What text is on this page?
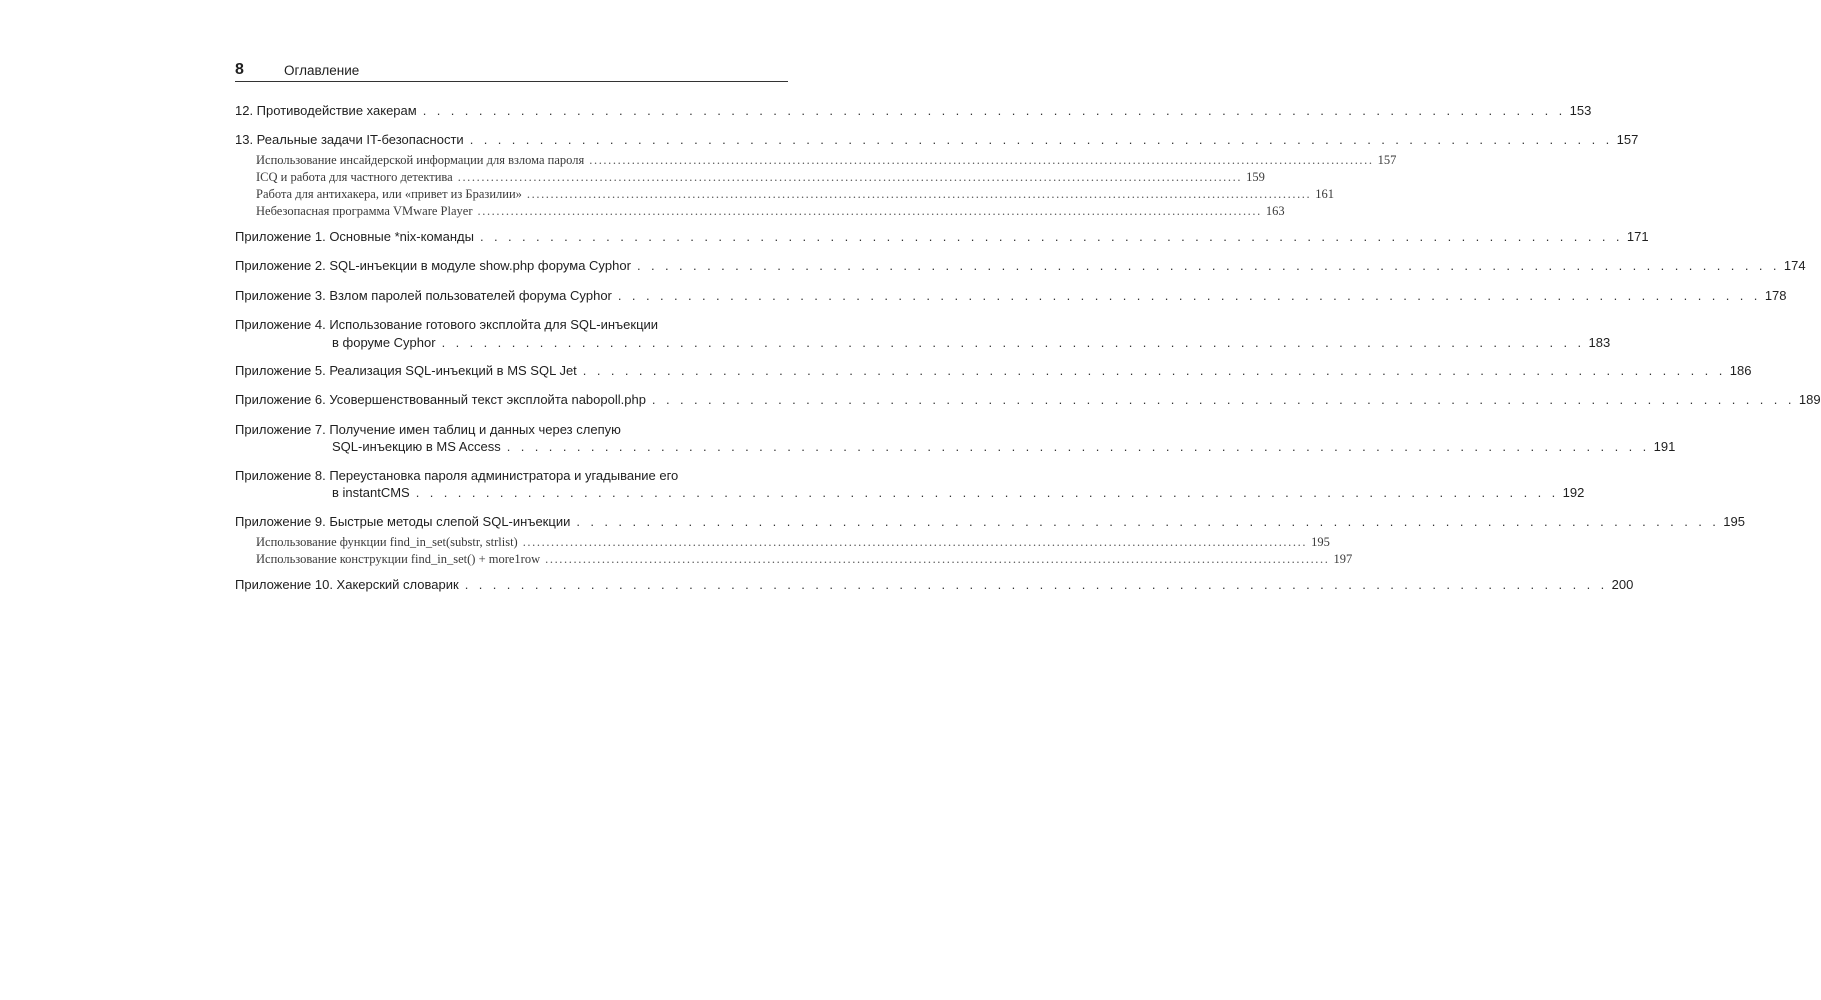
8	Оглавление
12. Противодействие хакерам . . . . . . . . . . . . . . . . . . . . . . . . . . . . . . . . . . . . . . . . . . . . . . . . . . . . . . . . . . . . . . . . . . . . . . . . . . . . . . . . . . 153
13. Реальные задачи IT-безопасности . . . . . . . . . . . . . . . . . . . . . . . . . . . . . . . . . . . . . . . . . . . . . . . . . . . . . . . . . . . . . . . . . . . . . . . . . . . . . . . . . . 157
Использование инсайдерской информации для взлома пароля ...................................................................................................................................................................... 157
ICQ и работа для частного детектива ...................................................................................................................................................................... 159
Работа для антихакера, или «привет из Бразилии» ...................................................................................................................................................................... 161
Небезопасная программа VMware Player ...................................................................................................................................................................... 163
Приложение 1. Основные *nix-команды . . . . . . . . . . . . . . . . . . . . . . . . . . . . . . . . . . . . . . . . . . . . . . . . . . . . . . . . . . . . . . . . . . . . . . . . . . . . . . . . . . 171
Приложение 2. SQL-инъекции в модуле show.php форума Cyphor . . . . . . . . . . . . . . . . . . . . . . . . . . . . . . . . . . . . . . . . . . . . . . . . . . . . . . . . . . . . . . . . . . . . . . . . . . . . . . . . . . 174
Приложение 3. Взлом паролей пользователей форума Cyphor . . . . . . . . . . . . . . . . . . . . . . . . . . . . . . . . . . . . . . . . . . . . . . . . . . . . . . . . . . . . . . . . . . . . . . . . . . . . . . . . . . 178
Приложение 4. Использование готового эксплойта для SQL-инъекции
в форуме Cyphor . . . . . . . . . . . . . . . . . . . . . . . . . . . . . . . . . . . . . . . . . . . . . . . . . . . . . . . . . . . . . . . . . . . . . . . . . . . . . . . . . . 183
Приложение 5. Реализация SQL-инъекций в MS SQL Jet . . . . . . . . . . . . . . . . . . . . . . . . . . . . . . . . . . . . . . . . . . . . . . . . . . . . . . . . . . . . . . . . . . . . . . . . . . . . . . . . . . 186
Приложение 6. Усовершенствованный текст эксплойта nabopoll.php . . . . . . . . . . . . . . . . . . . . . . . . . . . . . . . . . . . . . . . . . . . . . . . . . . . . . . . . . . . . . . . . . . . . . . . . . . . . . . . . . . 189
Приложение 7. Получение имен таблиц и данных через слепую
SQL-инъекцию в MS Access . . . . . . . . . . . . . . . . . . . . . . . . . . . . . . . . . . . . . . . . . . . . . . . . . . . . . . . . . . . . . . . . . . . . . . . . . . . . . . . . . . 191
Приложение 8. Переустановка пароля администратора и угадывание его
в instantCMS . . . . . . . . . . . . . . . . . . . . . . . . . . . . . . . . . . . . . . . . . . . . . . . . . . . . . . . . . . . . . . . . . . . . . . . . . . . . . . . . . . 192
Приложение 9. Быстрые методы слепой SQL-инъекции . . . . . . . . . . . . . . . . . . . . . . . . . . . . . . . . . . . . . . . . . . . . . . . . . . . . . . . . . . . . . . . . . . . . . . . . . . . . . . . . . . 195
Использование функции find_in_set(substr, strlist) ...................................................................................................................................................................... 195
Использование конструкции find_in_set() + more1row ...................................................................................................................................................................... 197
Приложение 10. Хакерский словарик . . . . . . . . . . . . . . . . . . . . . . . . . . . . . . . . . . . . . . . . . . . . . . . . . . . . . . . . . . . . . . . . . . . . . . . . . . . . . . . . . . 200
